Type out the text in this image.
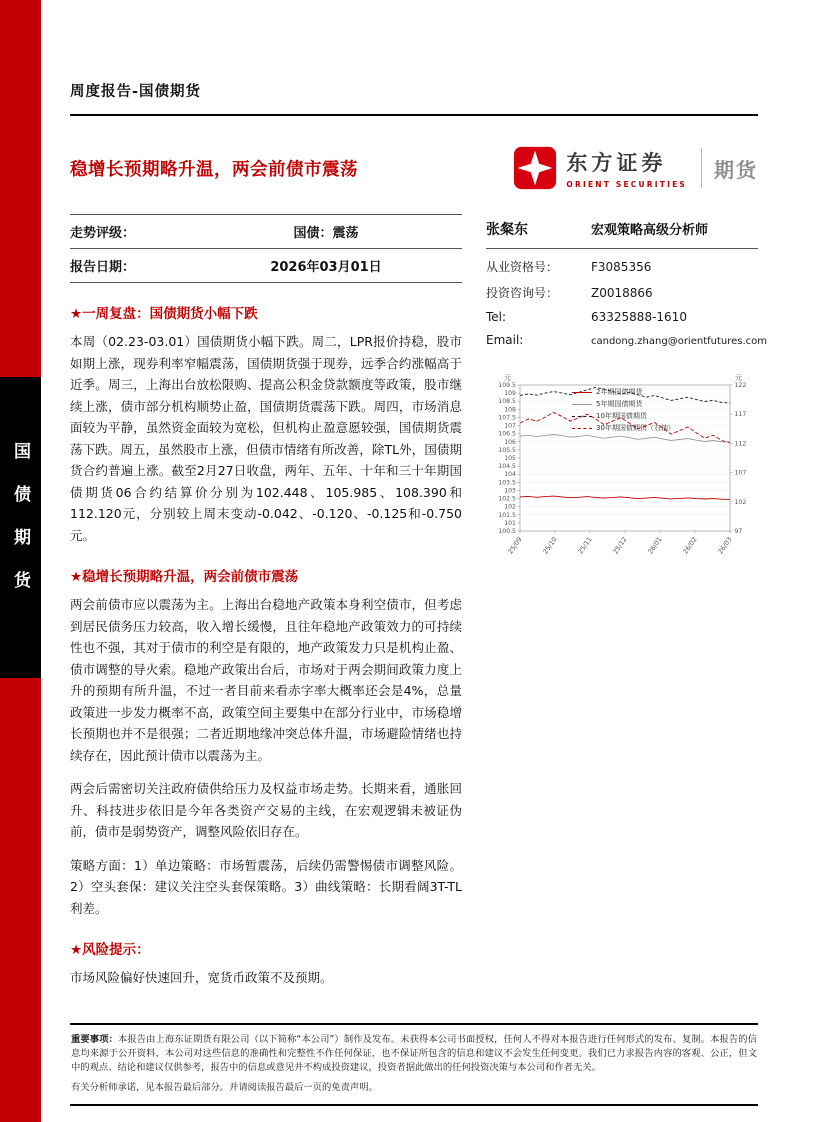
国债期货
周度报告-国债期货
稳增长预期略升温，两会前债市震荡	东方证券
ORIENT SECURITIES
期货
走势评级：	国债：震荡
报告日期：	2026年03月01日
★一周复盘：国债期货小幅下跌

本周（02.23-03.01）国债期货小幅下跌。周二，LPR报价持稳，股市如期上涨，现券利率窄幅震荡，国债期货强于现券，远季合约涨幅高于近季。周三，上海出台放松限购、提高公积金贷款额度等政策，股市继续上涨，债市部分机构顺势止盈，国债期货震荡下跌。周四，市场消息面较为平静，虽然资金面较为宽松，但机构止盈意愿较强，国债期货震荡下跌。周五，虽然股市上涨，但债市情绪有所改善，除TL外，国债期货合约普遍上涨。截至2月27日收盘，两年、五年、十年和三十年期国债期货06合约结算价分别为102.448、105.985、108.390和112.120元，分别较上周末变动-0.042、-0.120、-0.125和-0.750元。

★稳增长预期略升温，两会前债市震荡

两会前债市应以震荡为主。上海出台稳地产政策本身利空债市，但考虑到居民债务压力较高，收入增长缓慢，且往年稳地产政策效力的可持续性也不强，其对于债市的利空是有限的，地产政策发力只是机构止盈、债市调整的导火索。稳地产政策出台后，市场对于两会期间政策力度上升的预期有所升温，不过一者目前来看赤字率大概率还会是4%，总量政策进一步发力概率不高，政策空间主要集中在部分行业中，市场稳增长预期也并不是很强；二者近期地缘冲突总体升温，市场避险情绪也持续存在，因此预计债市以震荡为主。

两会后需密切关注政府债供给压力及权益市场走势。长期来看，通胀回升、科技进步依旧是今年各类资产交易的主线，在宏观逻辑未被证伪前，债市是弱势资产，调整风险依旧存在。

策略方面：1）单边策略：市场暂震荡，后续仍需警惕债市调整风险。2）空头套保：建议关注空头套保策略。3）曲线策略：长期看阔3T-TL利差。

★风险提示：

市场风险偏好快速回升，宽货币政策不及预期。

张粲东	宏观策略高级分析师
从业资格号：	F3085356
投资咨询号：	Z0018866
Tel:	63325888-1610
Email:	candong.zhang@orientfutures.com
100.5
101
101.5
102
102.5
103
103.5
104
104.5
105
105.5
106
106.5
107
107.5
108
108.5
109
109.5
97
102
107
112
117
122
25/09	25/10	25/11	25/12	26/01	26/02	26/03
元	元
2年期国债期货
5年期国债期货
10年期国债期货
30年期国债期货（右轴）

重要事项：本报告由上海东证期货有限公司（以下简称“本公司”）制作及发布。未获得本公司书面授权，任何人不得对本报告进行任何形式的发布、复制。本报告的信息均来源于公开资料，本公司对这些信息的准确性和完整性不作任何保证，也不保证所包含的信息和建议不会发生任何变更。我们已力求报告内容的客观、公正，但文中的观点、结论和建议仅供参考，报告中的信息或意见并不构成投资建议，投资者据此做出的任何投资决策与本公司和作者无关。

有关分析师承诺，见本报告最后部分。并请阅读报告最后一页的免责声明。
